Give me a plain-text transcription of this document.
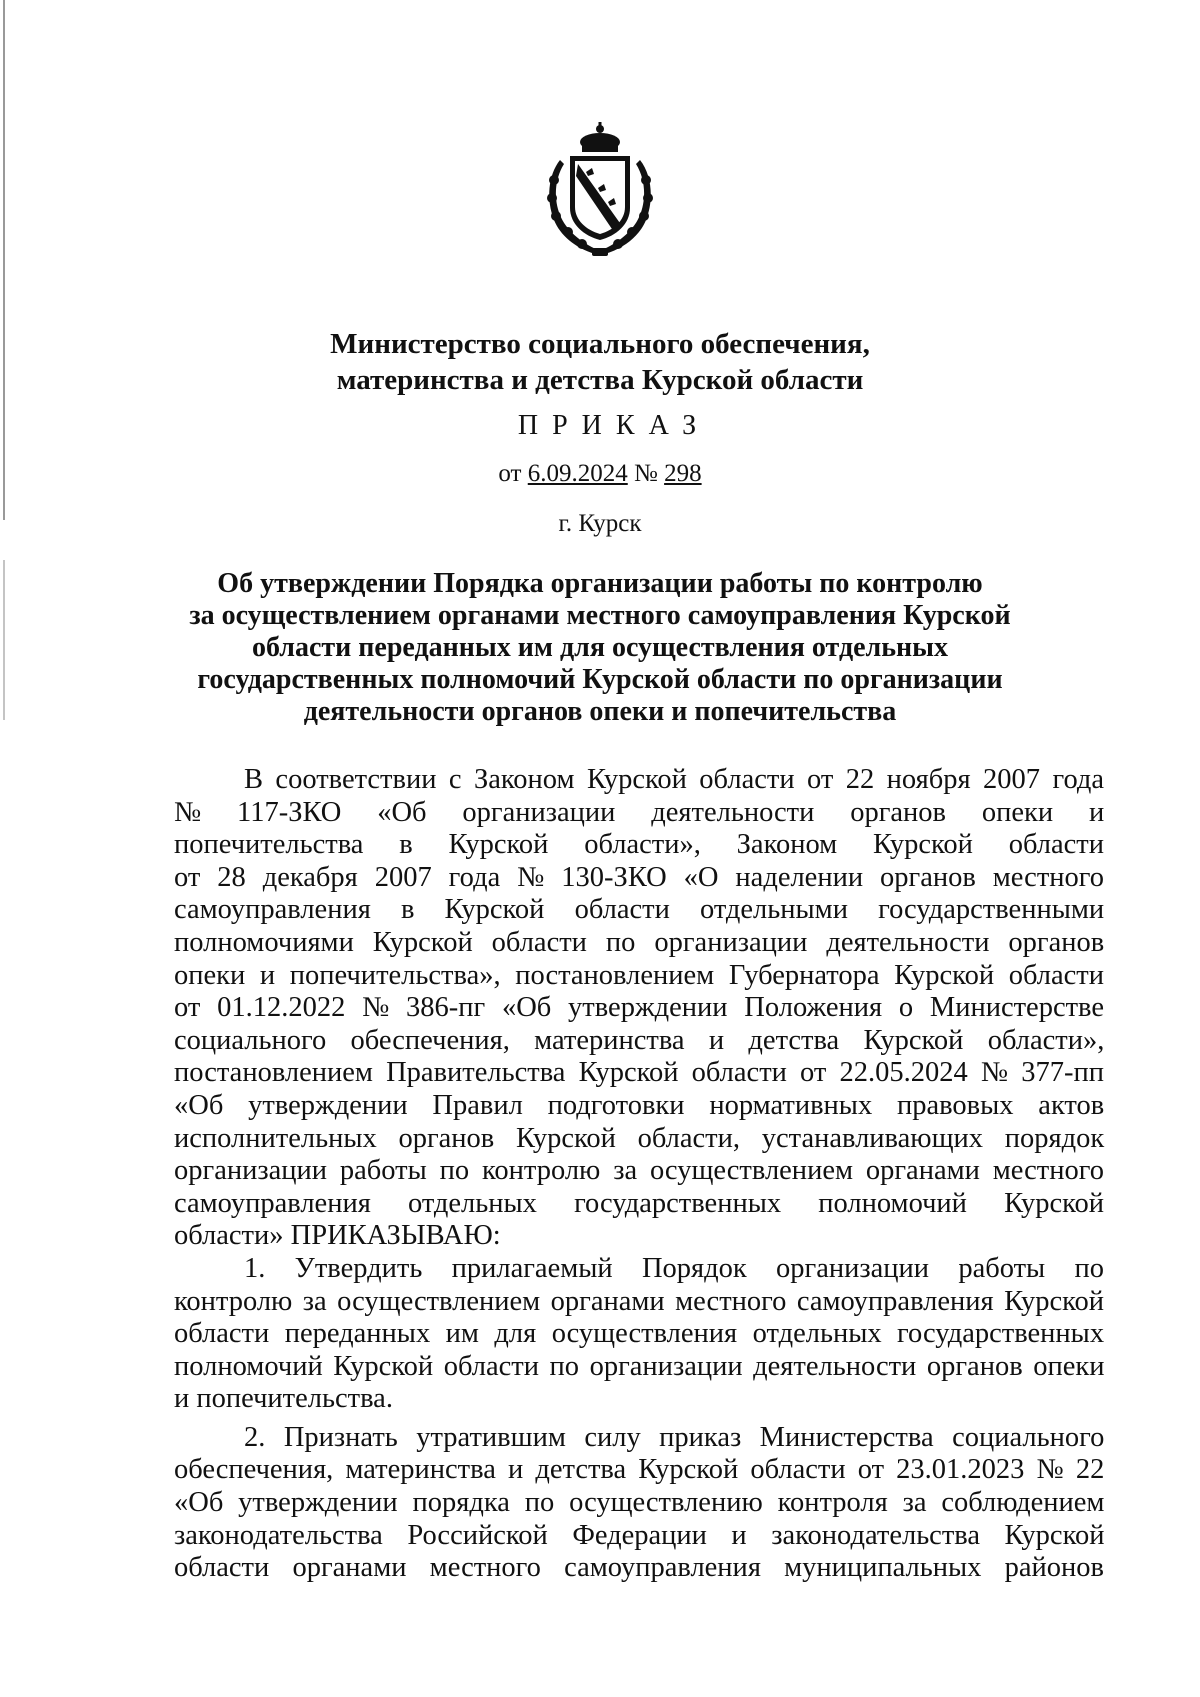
Министерство социального обеспечения,
материнства и детства Курской области
ПРИКАЗ
от 6.09.2024 № 298
г. Курск
Об утверждении Порядка организации работы по контролю
за осуществлением органами местного самоуправления Курской
области переданных им для осуществления отдельных
государственных полномочий Курской области по организации
деятельности органов опеки и попечительства
В соответствии с Законом Курской области от 22 ноября 2007 года
№ 117-ЗКО «Об организации деятельности органов опеки и
попечительства в Курской области», Законом Курской области
от 28 декабря 2007 года № 130-ЗКО «О наделении органов местного
самоуправления в Курской области отдельными государственными
полномочиями Курской области по организации деятельности органов
опеки и попечительства», постановлением Губернатора Курской области
от 01.12.2022 № 386-пг «Об утверждении Положения о Министерстве
социального обеспечения, материнства и детства Курской области»,
постановлением Правительства Курской области от 22.05.2024 № 377-пп
«Об утверждении Правил подготовки нормативных правовых актов
исполнительных органов Курской области, устанавливающих порядок
организации работы по контролю за осуществлением органами местного
самоуправления отдельных государственных полномочий Курской
области» ПРИКАЗЫВАЮ:
1. Утвердить прилагаемый Порядок организации работы по
контролю за осуществлением органами местного самоуправления Курской
области переданных им для осуществления отдельных государственных
полномочий Курской области по организации деятельности органов опеки
и попечительства.
2. Признать утратившим силу приказ Министерства социального
обеспечения, материнства и детства Курской области от 23.01.2023 № 22
«Об утверждении порядка по осуществлению контроля за соблюдением
законодательства Российской Федерации и законодательства Курской
области органами местного самоуправления муниципальных районов
